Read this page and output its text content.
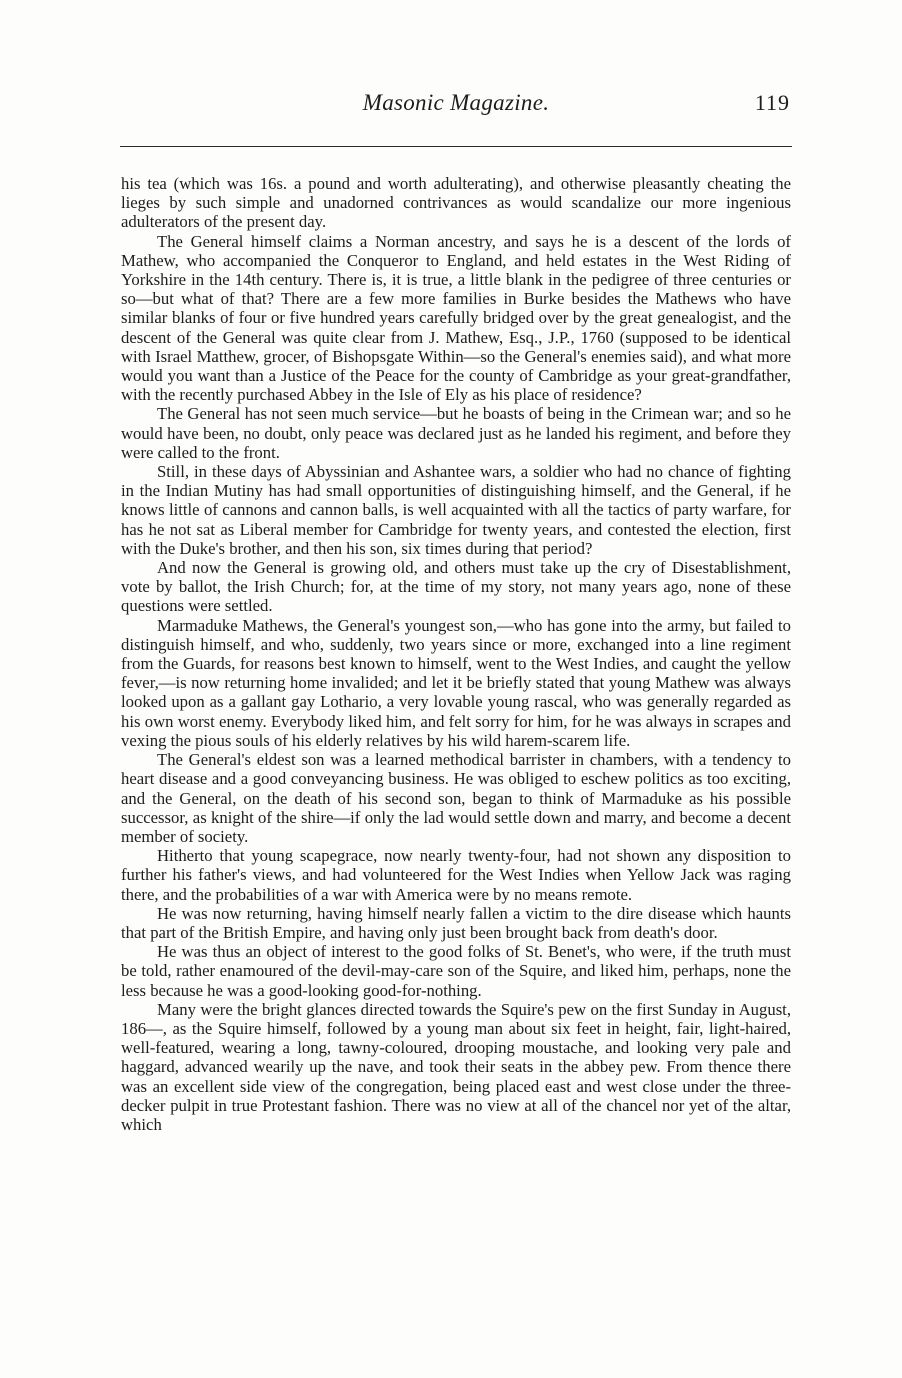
Masonic Magazine.	119

his tea (which was 16s. a pound and worth adulterating), and otherwise pleasantly cheating the lieges by such simple and unadorned contrivances as would scandalize our more ingenious adulterators of the present day.

The General himself claims a Norman ancestry, and says he is a descent of the lords of Mathew, who accompanied the Conqueror to England, and held estates in the West Riding of Yorkshire in the 14th century. There is, it is true, a little blank in the pedigree of three centuries or so—but what of that? There are a few more families in Burke besides the Mathews who have similar blanks of four or five hundred years carefully bridged over by the great genealogist, and the descent of the General was quite clear from J. Mathew, Esq., J.P., 1760 (supposed to be identical with Israel Matthew, grocer, of Bishopsgate Within—so the General's enemies said), and what more would you want than a Justice of the Peace for the county of Cambridge as your great-grandfather, with the recently purchased Abbey in the Isle of Ely as his place of residence?

The General has not seen much service—but he boasts of being in the Crimean war; and so he would have been, no doubt, only peace was declared just as he landed his regiment, and before they were called to the front.

Still, in these days of Abyssinian and Ashantee wars, a soldier who had no chance of fighting in the Indian Mutiny has had small opportunities of distinguishing himself, and the General, if he knows little of cannons and cannon balls, is well acquainted with all the tactics of party warfare, for has he not sat as Liberal member for Cambridge for twenty years, and contested the election, first with the Duke's brother, and then his son, six times during that period?

And now the General is growing old, and others must take up the cry of Disestablishment, vote by ballot, the Irish Church; for, at the time of my story, not many years ago, none of these questions were settled.

Marmaduke Mathews, the General's youngest son,—who has gone into the army, but failed to distinguish himself, and who, suddenly, two years since or more, exchanged into a line regiment from the Guards, for reasons best known to himself, went to the West Indies, and caught the yellow fever,—is now returning home invalided; and let it be briefly stated that young Mathew was always looked upon as a gallant gay Lothario, a very lovable young rascal, who was generally regarded as his own worst enemy. Everybody liked him, and felt sorry for him, for he was always in scrapes and vexing the pious souls of his elderly relatives by his wild harem-scarem life.

The General's eldest son was a learned methodical barrister in chambers, with a tendency to heart disease and a good conveyancing business. He was obliged to eschew politics as too exciting, and the General, on the death of his second son, began to think of Marmaduke as his possible successor, as knight of the shire—if only the lad would settle down and marry, and become a decent member of society.

Hitherto that young scapegrace, now nearly twenty-four, had not shown any disposition to further his father's views, and had volunteered for the West Indies when Yellow Jack was raging there, and the probabilities of a war with America were by no means remote.

He was now returning, having himself nearly fallen a victim to the dire disease which haunts that part of the British Empire, and having only just been brought back from death's door.

He was thus an object of interest to the good folks of St. Benet's, who were, if the truth must be told, rather enamoured of the devil-may-care son of the Squire, and liked him, perhaps, none the less because he was a good-looking good-for-nothing.

Many were the bright glances directed towards the Squire's pew on the first Sunday in August, 186—, as the Squire himself, followed by a young man about six feet in height, fair, light-haired, well-featured, wearing a long, tawny-coloured, drooping moustache, and looking very pale and haggard, advanced wearily up the nave, and took their seats in the abbey pew. From thence there was an excellent side view of the congregation, being placed east and west close under the three-decker pulpit in true Protestant fashion. There was no view at all of the chancel nor yet of the altar, which
